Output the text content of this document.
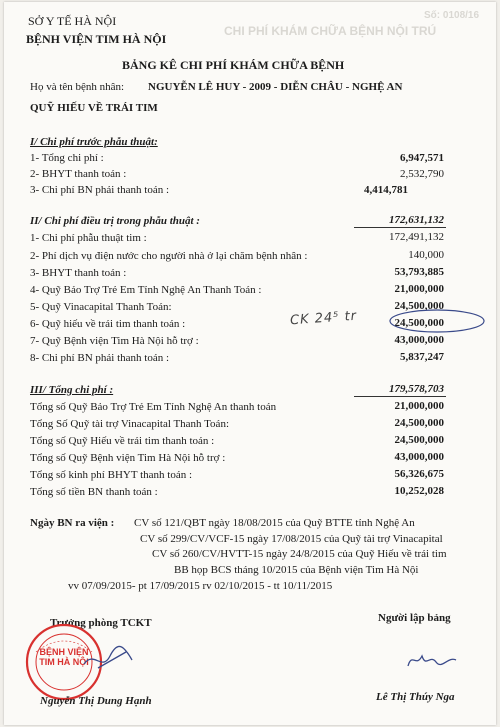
CHI PHÍ KHÁM CHỮA BỆNH NỘI TRÚ
Số: 0108/16
SỞ Y TẾ HÀ NỘI
BỆNH VIỆN TIM HÀ NỘI
BẢNG KÊ CHI PHÍ KHÁM CHỮA BỆNH
Họ và tên bệnh nhân: NGUYỄN LÊ HUY - 2009 - DIỄN CHÂU - NGHỆ AN
QUỸ HIẾU VỀ TRÁI TIM
I/ Chi phí trước phẫu thuật:
1- Tổng chi phí :	6,947,571
2- BHYT thanh toán :	2,532,790
3- Chi phí BN phải thanh toán :	4,414,781
II/ Chi phí điều trị trong phẫu thuật :	172,631,132
1- Chi phí phẫu thuật tim :	172,491,132
2- Phí dịch vụ điện nước cho người nhà ở lại chăm bệnh nhân :	140,000
3- BHYT thanh toán :	53,793,885
4- Quỹ Bảo Trợ Trẻ Em Tỉnh Nghệ An Thanh Toán :	21,000,000
5- Quỹ Vinacapital Thanh Toán:	24,500,000
6- Quỹ hiếu về trái tim thanh toán :	24,500,000
7- Quỹ Bệnh viện Tim Hà Nội hỗ trợ :	43,000,000
8- Chi phí BN phải thanh toán :	5,837,247
CK 24⁵ tr
III/ Tổng chi phí :	179,578,703
Tổng số Quỹ Bảo Trợ Trẻ Em Tỉnh Nghệ An thanh toán	21,000,000
Tổng Số Quỹ tài trợ Vinacapital Thanh Toán:	24,500,000
Tổng số Quỹ Hiếu về trái tim thanh toán :	24,500,000
Tổng số Quỹ Bệnh viện Tim Hà Nội hỗ trợ :	43,000,000
Tổng số kinh phí BHYT thanh toán :	56,326,675
Tổng số tiền BN thanh toán :	10,252,028
Ngày BN ra viện : CV số 121/QBT ngày 18/08/2015 của Quỹ BTTE tỉnh Nghệ An
CV số 299/CV/VCF-15 ngày 17/08/2015 của Quỹ tài trợ Vinacapital
CV số 260/CV/HVTT-15 ngày 24/8/2015 của Quỹ Hiếu về trái tim
BB họp BCS tháng 10/2015 của Bệnh viện Tim Hà Nội
vv 07/09/2015- pt 17/09/2015 rv 02/10/2015 - tt 10/11/2015
Trưởng phòng TCKT	Người lập bảng
BỆNH VIỆN TIM HÀ NỘI
Nguyễn Thị Dung Hạnh	Lê Thị Thúy Nga
